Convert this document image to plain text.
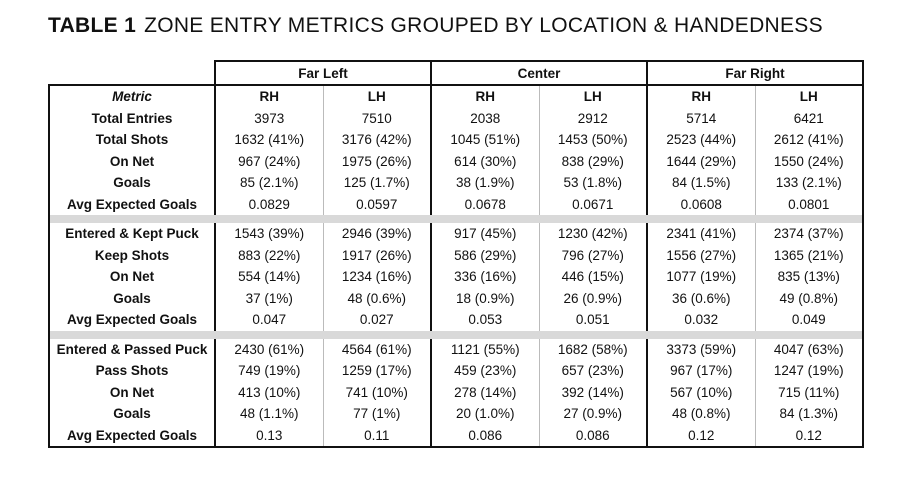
TABLE 1 ZONE ENTRY METRICS GROUPED BY LOCATION & HANDEDNESS
	Far Left		Center		Far Right	
Metric	RH	LH	RH	LH	RH	LH
Total Entries	3973	7510	2038	2912	5714	6421
Total Shots	1632 (41%)	3176 (42%)	1045 (51%)	1453 (50%)	2523 (44%)	2612 (41%)
On Net	967 (24%)	1975 (26%)	614 (30%)	838 (29%)	1644 (29%)	1550 (24%)
Goals	85 (2.1%)	125 (1.7%)	38 (1.9%)	53 (1.8%)	84 (1.5%)	133 (2.1%)
Avg Expected Goals	0.0829	0.0597	0.0678	0.0671	0.0608	0.0801

Entered & Kept Puck	1543 (39%)	2946 (39%)	917 (45%)	1230 (42%)	2341 (41%)	2374 (37%)
Keep Shots	883 (22%)	1917 (26%)	586 (29%)	796 (27%)	1556 (27%)	1365 (21%)
On Net	554 (14%)	1234 (16%)	336 (16%)	446 (15%)	1077 (19%)	835 (13%)
Goals	37 (1%)	48 (0.6%)	18 (0.9%)	26 (0.9%)	36 (0.6%)	49 (0.8%)
Avg Expected Goals	0.047	0.027	0.053	0.051	0.032	0.049

Entered & Passed Puck	2430 (61%)	4564 (61%)	1121 (55%)	1682 (58%)	3373 (59%)	4047 (63%)
Pass Shots	749 (19%)	1259 (17%)	459 (23%)	657 (23%)	967 (17%)	1247 (19%)
On Net	413 (10%)	741 (10%)	278 (14%)	392 (14%)	567 (10%)	715 (11%)
Goals	48 (1.1%)	77 (1%)	20 (1.0%)	27 (0.9%)	48 (0.8%)	84 (1.3%)
Avg Expected Goals	0.13	0.11	0.086	0.086	0.12	0.12
